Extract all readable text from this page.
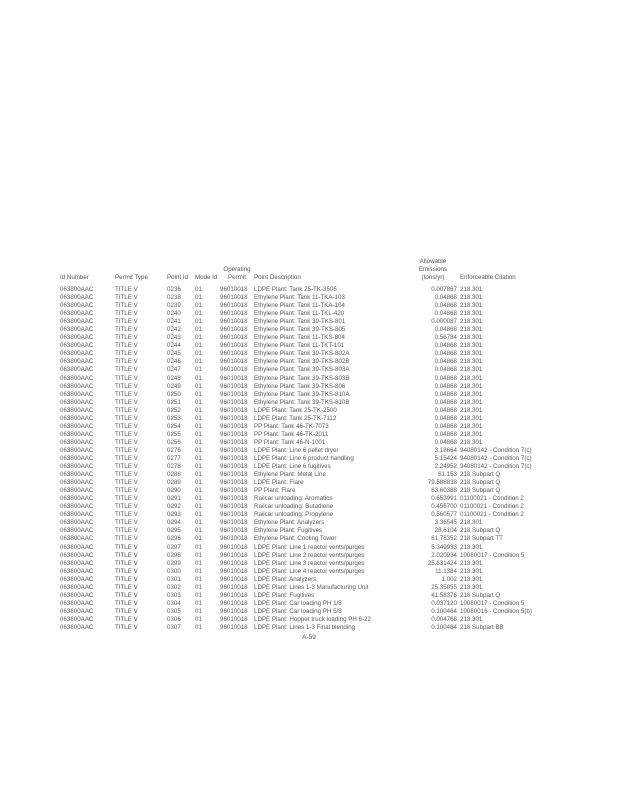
Id Number	Permit Type	Point Id	Mode Id	Operating Permit	Point Description	Allowable Emissions (tons/yr)	Enforceable Citation
063800AAC	TITLE V	0236	01	96010018	LDPE Plant: Tank 25-TK-3505	0.007867	218.301
063800AAC	TITLE V	0238	01	96010018	Ethylene Plant: Tank 11-TKA-103	0.04868	218.301
063800AAC	TITLE V	0239	01	96010018	Ethylene Plant: Tank 11-TKA-104	0.04868	218.301
063800AAC	TITLE V	0240	01	96010018	Ethylene Plant: Tank 11-TKL-420	0.04868	218.301
063800AAC	TITLE V	0241	01	96010018	Ethylene Plant: Tank 39-TKS-801	0.000087	218.301
063800AAC	TITLE V	0242	01	96010018	Ethylene Plant: Tank 39-TKS-805	0.04868	218.301
063800AAC	TITLE V	0243	01	96010018	Ethylene Plant: Tank 11-TKS-804	0.56784	218.301
063800AAC	TITLE V	0244	01	96010018	Ethylene Plant: Tank 11-TKT-101	0.04868	218.301
063800AAC	TITLE V	0245	01	96010018	Ethylene Plant: Tank 39-TKS-802A	0.04868	218.301
063800AAC	TITLE V	0246	01	96010018	Ethylene Plant: Tank 39-TKS-802B	0.04868	218.301
063800AAC	TITLE V	0247	01	96010018	Ethylene Plant: Tank 39-TKS-803A	0.04868	218.301
063800AAC	TITLE V	0248	01	96010018	Ethylene Plant: Tank 39-TKS-803B	0.04868	218.301
063800AAC	TITLE V	0249	01	96010018	Ethylene Plant: Tank 39-TKS-806	0.04868	218.301
063800AAC	TITLE V	0250	01	96010018	Ethylene Plant: Tank 39-TKS-810A	0.04868	218.301
063800AAC	TITLE V	0251	01	96010018	Ethylene Plant: Tank 39-TKS-810B	0.04868	218.301
063800AAC	TITLE V	0252	01	96010018	LDPE Plant: Tank 25-TK-2500	0.04868	218.301
063800AAC	TITLE V	0253	01	96010018	LDPE Plant: Tank 25-TK-7112	0.04868	218.301
063800AAC	TITLE V	0254	01	96010018	PP Plant: Tank 46-TK-7073	0.04868	218.301
063800AAC	TITLE V	0255	01	96010018	PP Plant: Tank 46-TK-2011	0.04868	218.301
063800AAC	TITLE V	0256	01	96010018	PP Plant: Tank 46-N-1001	0.04868	218.301
063800AAC	TITLE V	0276	01	96010018	LDPE Plant: Line 6 pellet dryer	3.18664	94080142 - Condition 7(c)
063800AAC	TITLE V	0277	01	96010018	LDPE Plant: Line 6 product handling	5.15424	94080142 - Condition 7(c)
063800AAC	TITLE V	0278	01	96010018	LDPE Plant: Line 6 fugitives	2.24952	94080142 - Condition 7(c)
063800AAC	TITLE V	0288	01	96010018	Ethylene Plant: Metal Line	61.153	218 Subpart Q
063800AAC	TITLE V	0289	01	96010018	LDPE Plant: Flare	79.588838	218 Subpart Q
063800AAC	TITLE V	0290	01	96010018	PP Plant: Flare	63.60388	218 Subpart Q
063800AAC	TITLE V	0291	01	96010018	Railcar unloading: Aromatics	0.653991	01100021 - Condition 2
063800AAC	TITLE V	0292	01	96010018	Railcar unloading: Butadiene	0.456700	01100021 - Condition 2
063800AAC	TITLE V	0293	01	96010018	Railcar unloading: Propylene	0.560577	01100021 - Condition 2
063800AAC	TITLE V	0294	01	96010018	Ethylene Plant: Analyzers	3.36545	218.301
063800AAC	TITLE V	0295	01	96010018	Ethylene Plant: Fugitives	28.6104	218 Subpart Q
063800AAC	TITLE V	0296	01	96010018	Ethylene Plant: Cooling Tower	61.76352	218 Subpart TT
063800AAC	TITLE V	0297	01	96010018	LDPE Plant: Line 1 reactor vents/purges	5.349933	218.301
063800AAC	TITLE V	0298	01	96010018	LDPE Plant: Line 2 reactor vents/purges	2.020934	10080017 - Condition 5
063800AAC	TITLE V	0299	01	96010018	LDPE Plant: Line 3 reactor vents/purges	25.631424	218.301
063800AAC	TITLE V	0300	01	96010018	LDPE Plant: Line 4 reactor vents/purges	11.1384	218.301
063800AAC	TITLE V	0301	01	96010018	LDPE Plant: Analyzers	1.002	218.301
063800AAC	TITLE V	0302	01	96010018	LDPE Plant: Lines 1-3 Manufacturing Unit	25.35855	218.301
063800AAC	TITLE V	0303	01	96010018	LDPE Plant: Fugitives	41.58376	218 Subpart Q
063800AAC	TITLE V	0304	01	96010018	LDPE Plant: Car loading PH 1/8	0.037120	10080017 - Condition 5
063800AAC	TITLE V	0305	01	96010018	LDPE Plant: Car loading PH 5/8	0.100464	10080016 - Condition 5(b)
063800AAC	TITLE V	0306	01	96010018	LDPE Plant: Hopper truck loading PH 6-22	0.004768	218.301
063800AAC	TITLE V	0307	01	96010018	LDPE Plant: Lines 1-3 Final blending	0.100484	218 Subpart BB
A-59
